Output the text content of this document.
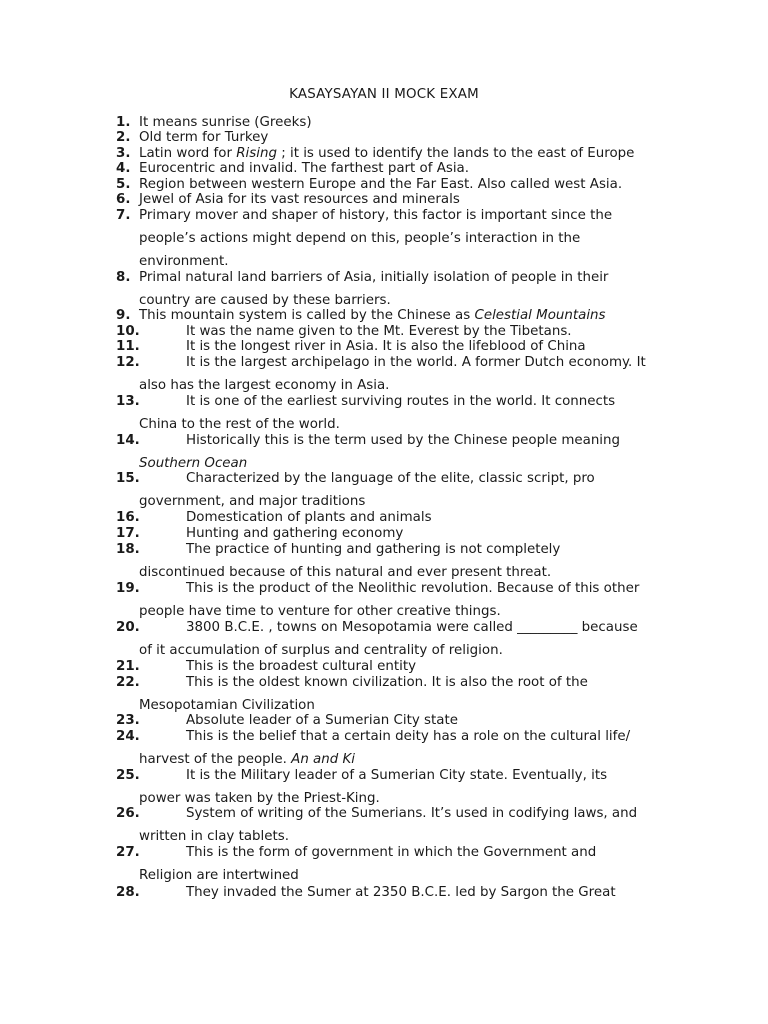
KASAYSAYAN II MOCK EXAM
1. It means sunrise (Greeks)
2. Old term for Turkey
3. Latin word for Rising ; it is used to identify the lands to the east of Europe
4. Eurocentric and invalid. The farthest part of Asia.
5. Region between western Europe and the Far East. Also called west Asia.
6. Jewel of Asia for its vast resources and minerals
7. Primary mover and shaper of history, this factor is important since the
people’s actions might depend on this, people’s interaction in the
environment.
8. Primal natural land barriers of Asia, initially isolation of people in their
country are caused by these barriers.
9. This mountain system is called by the Chinese as Celestial Mountains
10.	It was the name given to the Mt. Everest by the Tibetans.
11.	It is the longest river in Asia. It is also the lifeblood of China
12.	It is the largest archipelago in the world. A former Dutch economy. It
also has the largest economy in Asia.
13.	It is one of the earliest surviving routes in the world. It connects
China to the rest of the world.
14.	Historically this is the term used by the Chinese people meaning
Southern Ocean
15.	Characterized by the language of the elite, classic script, pro
government, and major traditions
16.	Domestication of plants and animals
17.	Hunting and gathering economy
18.	The practice of hunting and gathering is not completely
discontinued because of this natural and ever present threat.
19.	This is the product of the Neolithic revolution. Because of this other
people have time to venture for other creative things.
20.	3800 B.C.E. , towns on Mesopotamia were called _________ because
of it accumulation of surplus and centrality of religion.
21.	This is the broadest cultural entity
22.	This is the oldest known civilization. It is also the root of the
Mesopotamian Civilization
23.	Absolute leader of a Sumerian City state
24.	This is the belief that a certain deity has a role on the cultural life/
harvest of the people. An and Ki
25.	It is the Military leader of a Sumerian City state. Eventually, its
power was taken by the Priest-King.
26.	System of writing of the Sumerians. It’s used in codifying laws, and
written in clay tablets.
27.	This is the form of government in which the Government and
Religion are intertwined
28.	They invaded the Sumer at 2350 B.C.E. led by Sargon the Great
